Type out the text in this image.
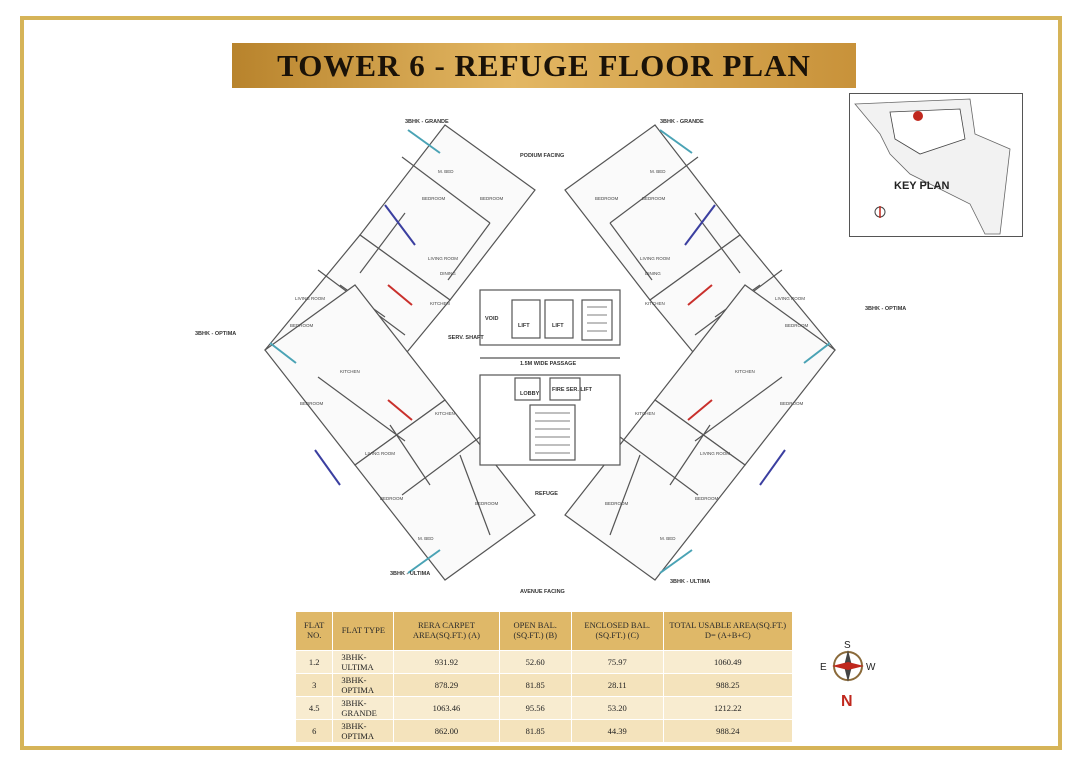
TOWER 6 - REFUGE FLOOR PLAN
3BHK - GRANDE	3BHK - GRANDE
PODIUM FACING
3BHK - OPTIMA
3BHK - OPTIMA
1.5M WIDE PASSAGE
REFUGE
LOBBY
FIRE SER. LIFT
LIFT	LIFT
VOID
SERV. SHAFT
3BHK - ULTIMA
3BHK - ULTIMA
AVENUE FACING
BEDROOM	BEDROOM
LIVING ROOM
LIVING ROOM
BEDROOM
BEDROOM
KITCHEN
KITCHEN
LIVING ROOM
BEDROOM
BEDROOM
M. BED
KITCHEN
DINING
BEDROOM
BEDROOM
LIVING ROOM
LIVING ROOM
BEDROOM
BEDROOM
KITCHEN
KITCHEN
LIVING ROOM
BEDROOM
BEDROOM
M. BED
KITCHEN
DINING
M. BED	M. BED
KEY PLAN
FLAT NO.	FLAT TYPE	RERA CARPET AREA(SQ.FT.) (A)	OPEN BAL.(SQ.FT.) (B)	ENCLOSED BAL.(SQ.FT.) (C)	TOTAL USABLE AREA(SQ.FT.) D= (A+B+C)
1.2	3BHK-ULTIMA	931.92	52.60	75.97	1060.49
3	3BHK-OPTIMA	878.29	81.85	28.11	988.25
4.5	3BHK-GRANDE	1063.46	95.56	53.20	1212.22
6	3BHK-OPTIMA	862.00	81.85	44.39	988.24
S
E	W
N
